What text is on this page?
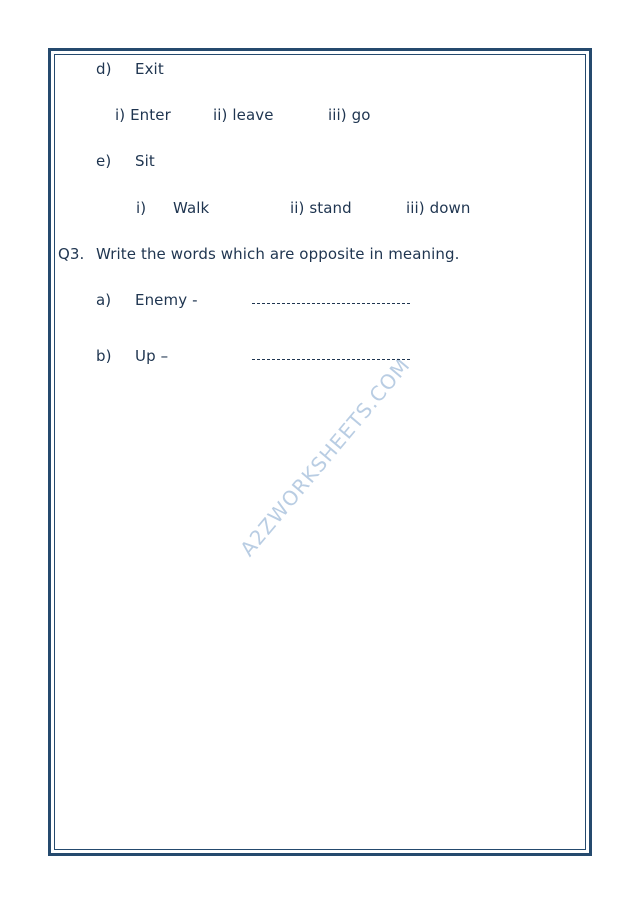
A2ZWORKSHEETS.COM
d) Exit
i) Enter	ii) leave	iii) go
e) Sit
i) Walk	ii) stand	iii) down
Q3. Write the words which are opposite in meaning.
a) Enemy -
b) Up –
